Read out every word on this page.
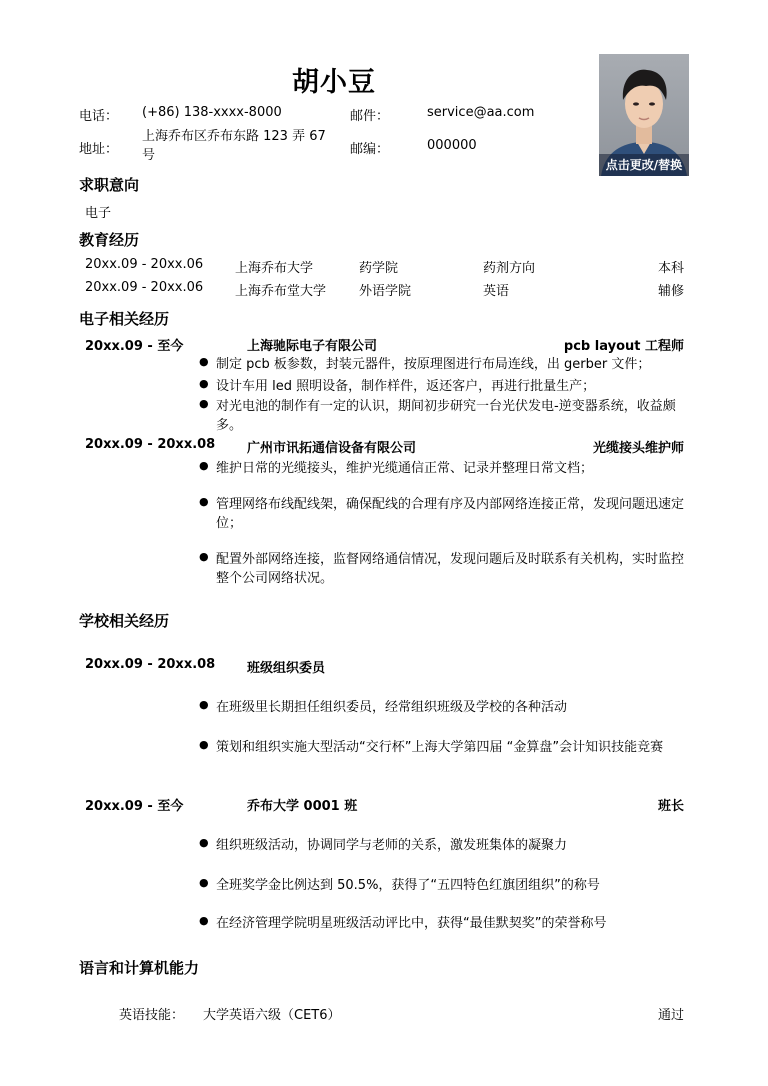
胡小豆
电话： (+86) 138-xxxx-8000	邮件：	service@aa.com
地址：
上海乔布区乔布东路 123 弄 67 号	邮编：	000000
点击更改/替换
求职意向
电子
教育经历
20xx.09 - 20xx.06 上海乔布大学	药学院	药剂方向	本科
20xx.09 - 20xx.06 上海乔布堂大学	外语学院	英语	辅修
电子相关经历
20xx.09 - 至今	上海驰际电子有限公司	pcb layout 工程师
● 制定 pcb 板参数，封装元器件，按原理图进行布局连线，出 gerber 文件；
● 设计车用 led 照明设备，制作样件，返还客户，再进行批量生产；
● 对光电池的制作有一定的认识，期间初步研究一台光伏发电-逆变器系统，收益颇多。
20xx.09 - 20xx.08 广州市讯拓通信设备有限公司	光缆接头维护师
● 维护日常的光缆接头，维护光缆通信正常、记录并整理日常文档；
● 管理网络布线配线架，确保配线的合理有序及内部网络连接正常，发现问题迅速定位；
● 配置外部网络连接，监督网络通信情况，发现问题后及时联系有关机构，实时监控整个公司网络状况。
学校相关经历
20xx.09 - 20xx.08 班级组织委员
● 在班级里长期担任组织委员，经常组织班级及学校的各种活动
● 策划和组织实施大型活动“交行杯”上海大学第四届 “金算盘”会计知识技能竞赛
20xx.09 - 至今	乔布大学 0001 班	班长
● 组织班级活动，协调同学与老师的关系，激发班集体的凝聚力
● 全班奖学金比例达到 50.5%，获得了“五四特色红旗团组织”的称号
● 在经济管理学院明星班级活动评比中，获得“最佳默契奖”的荣誉称号
语言和计算机能力
英语技能： 大学英语六级（CET6）	通过
